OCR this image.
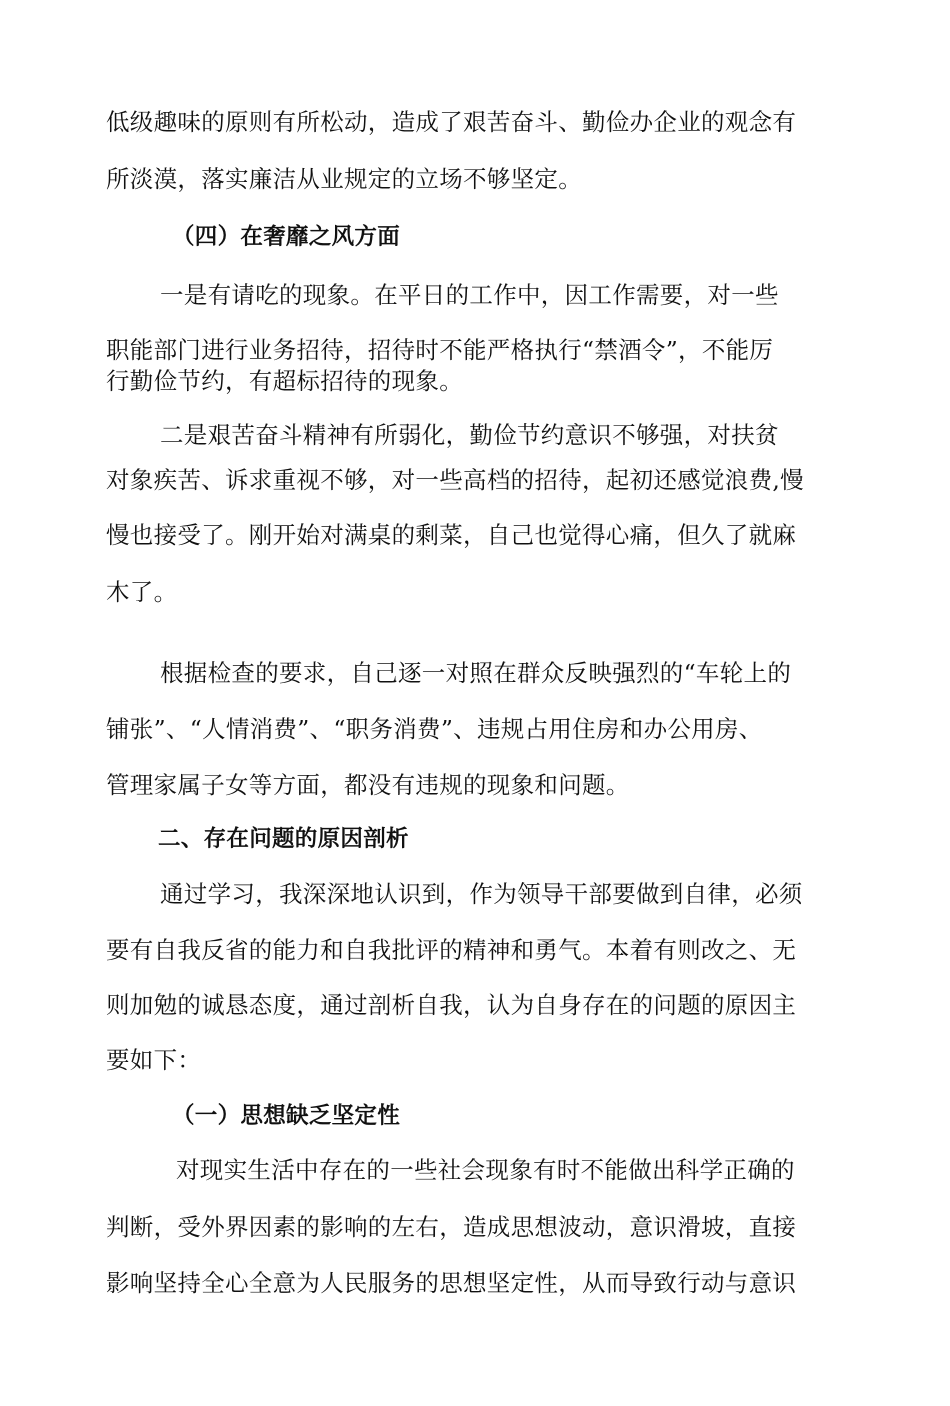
低级趣味的原则有所松动，造成了艰苦奋斗、勤俭办企业的观念有
所淡漠，落实廉洁从业规定的立场不够坚定。
（四）在奢靡之风方面
一是有请吃的现象。在平日的工作中，因工作需要，对一些
职能部门进行业务招待，招待时不能严格执行“禁酒令”，不能厉
行勤俭节约，有超标招待的现象。
二是艰苦奋斗精神有所弱化，勤俭节约意识不够强，对扶贫
对象疾苦、诉求重视不够，对一些高档的招待，起初还感觉浪费,慢
慢也接受了。刚开始对满桌的剩菜，自己也觉得心痛，但久了就麻
木了。
根据检查的要求，自己逐一对照在群众反映强烈的“车轮上的
铺张”、“人情消费”、“职务消费”、违规占用住房和办公用房、
管理家属子女等方面，都没有违规的现象和问题。
二、存在问题的原因剖析
通过学习，我深深地认识到，作为领导干部要做到自律，必须
要有自我反省的能力和自我批评的精神和勇气。本着有则改之、无
则加勉的诚恳态度，通过剖析自我，认为自身存在的问题的原因主
要如下：
（一）思想缺乏坚定性
对现实生活中存在的一些社会现象有时不能做出科学正确的
判断，受外界因素的影响的左右，造成思想波动，意识滑坡，直接
影响坚持全心全意为人民服务的思想坚定性，从而导致行动与意识
